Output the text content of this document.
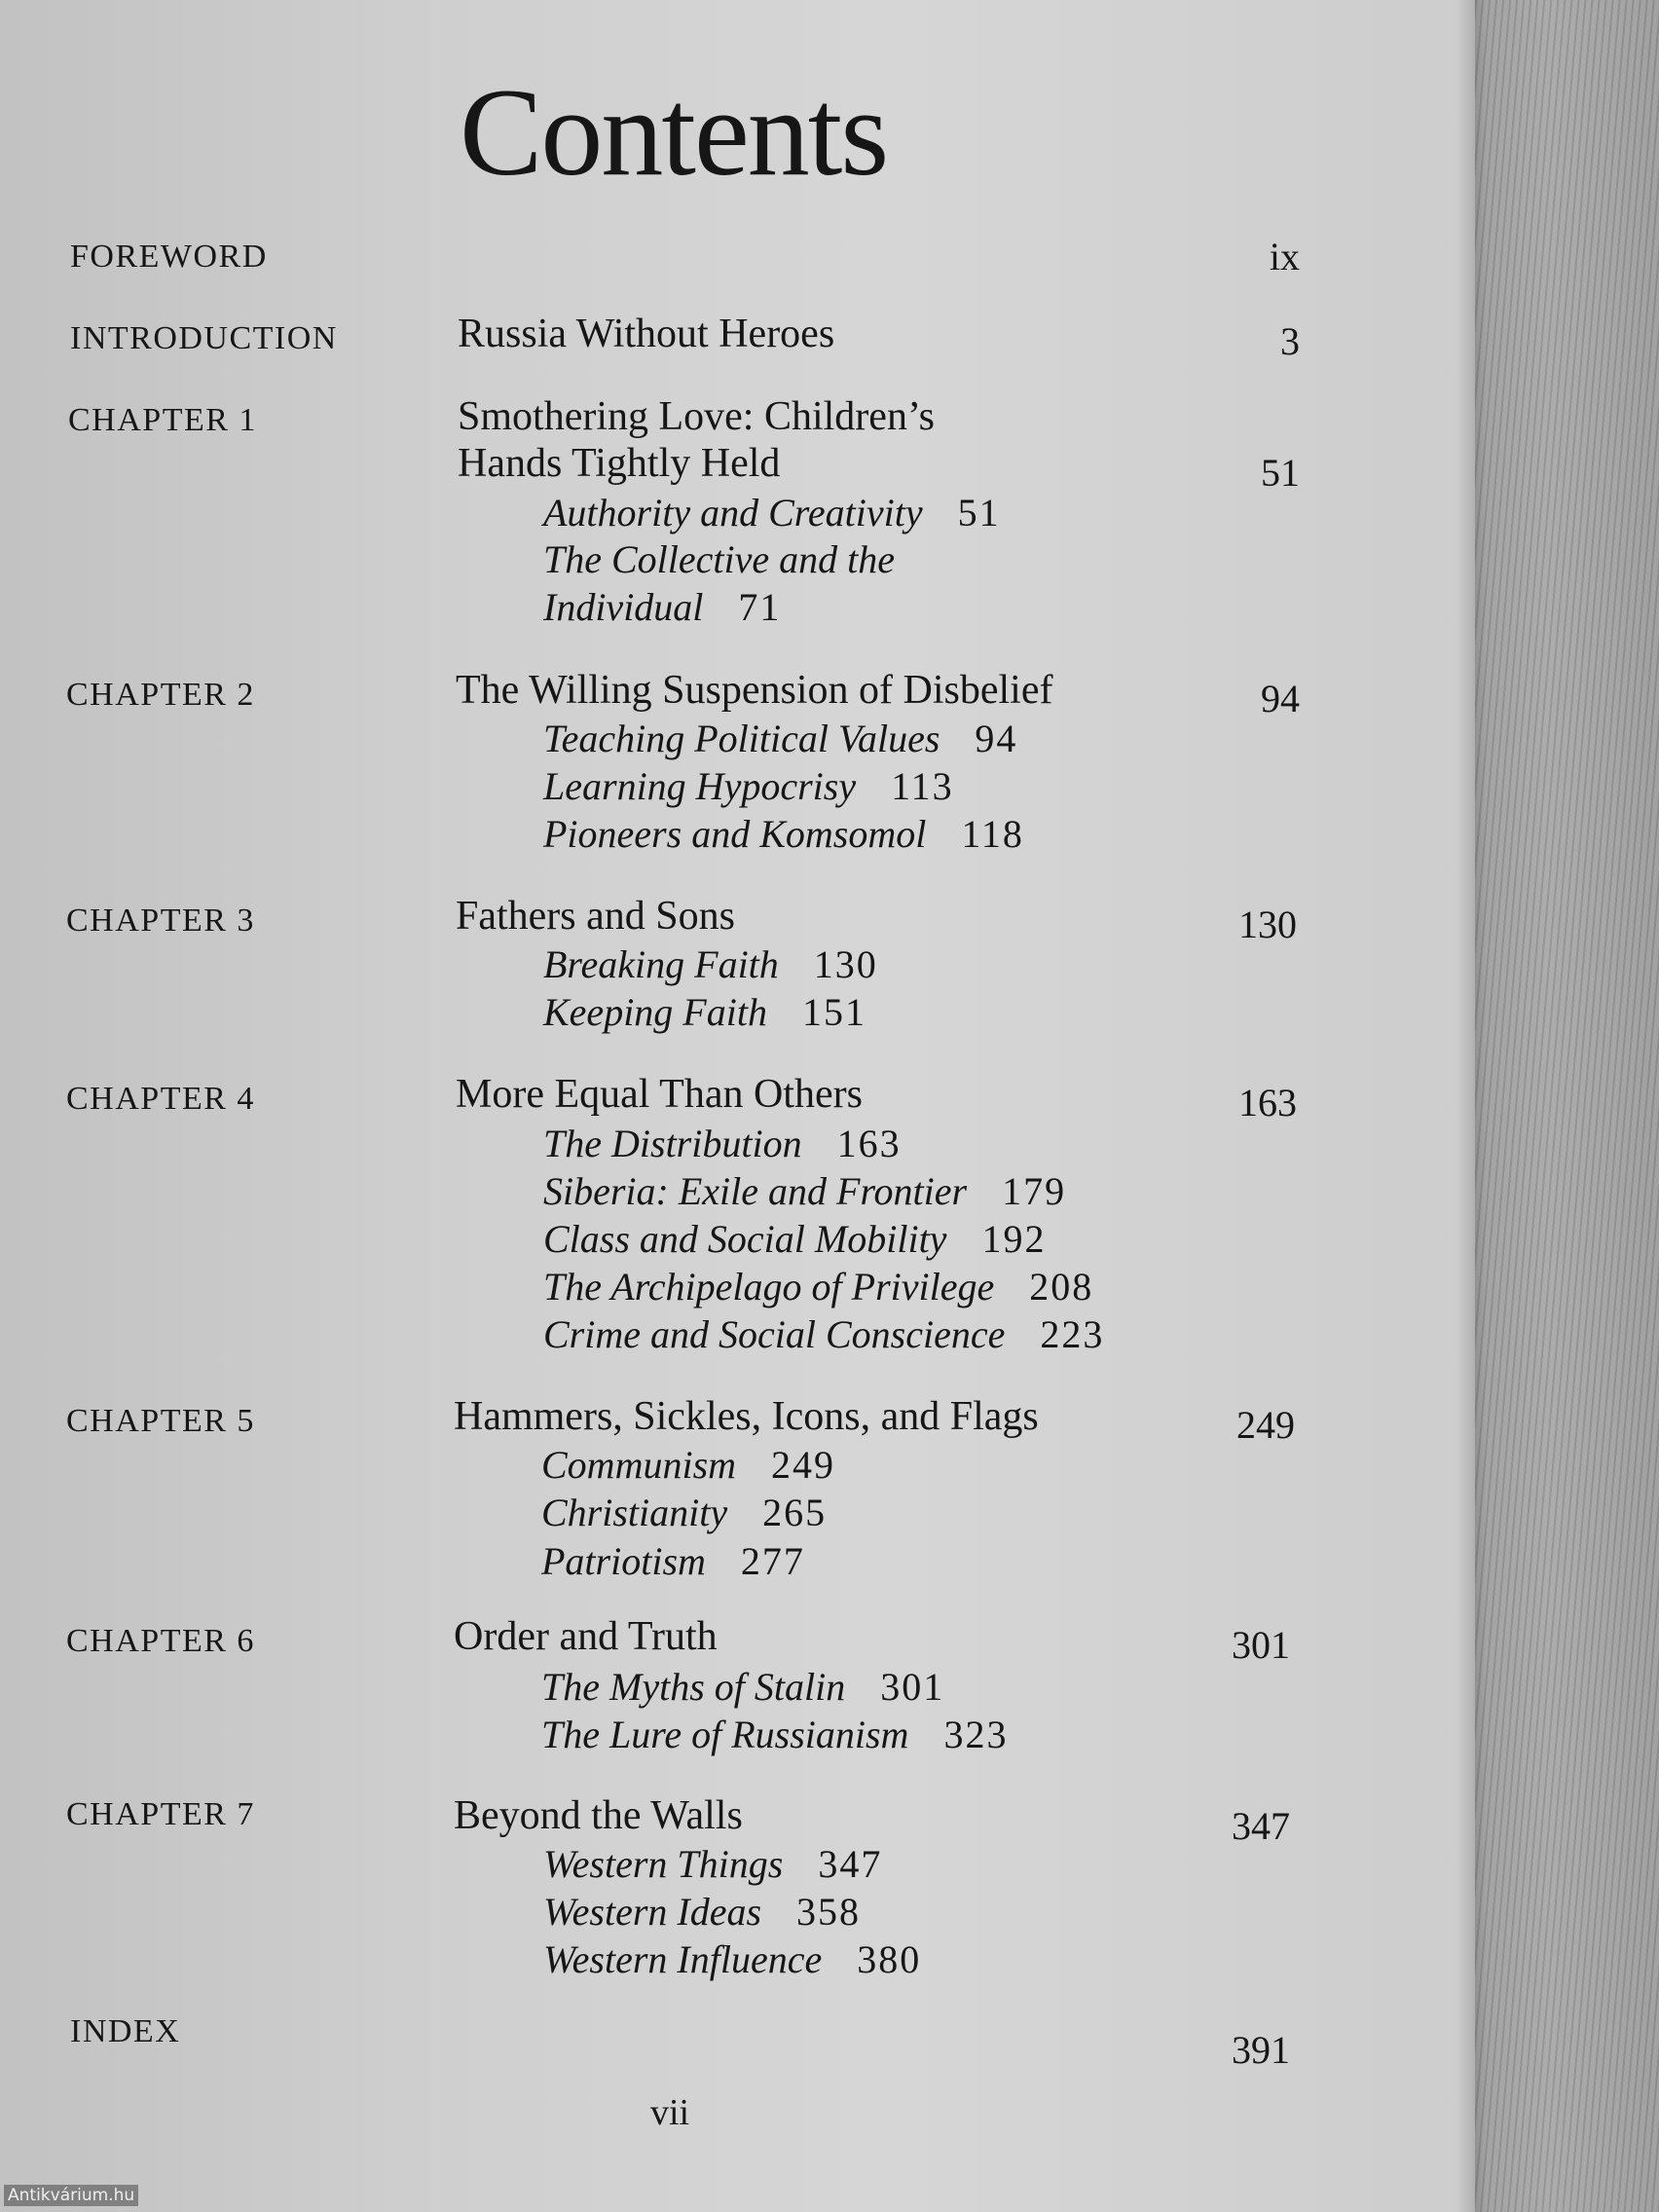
Contents
FOREWORD	ix
INTRODUCTION	Russia Without Heroes	3
CHAPTER 1	Smothering Love: Children’s
Hands Tightly Held	51
Authority and Creativity 51
The Collective and the
Individual 71
CHAPTER 2	The Willing Suspension of Disbelief	94
Teaching Political Values 94
Learning Hypocrisy 113
Pioneers and Komsomol 118
CHAPTER 3	Fathers and Sons	130
Breaking Faith 130
Keeping Faith 151
CHAPTER 4	More Equal Than Others	163
The Distribution 163
Siberia: Exile and Frontier 179
Class and Social Mobility 192
The Archipelago of Privilege 208
Crime and Social Conscience 223
CHAPTER 5	Hammers, Sickles, Icons, and Flags	249
Communism 249
Christianity 265
Patriotism 277
CHAPTER 6	Order and Truth	301
The Myths of Stalin 301
The Lure of Russianism 323
CHAPTER 7	Beyond the Walls	347
Western Things 347
Western Ideas 358
Western Influence 380
INDEX	391
vii
Antikvárium.hu
